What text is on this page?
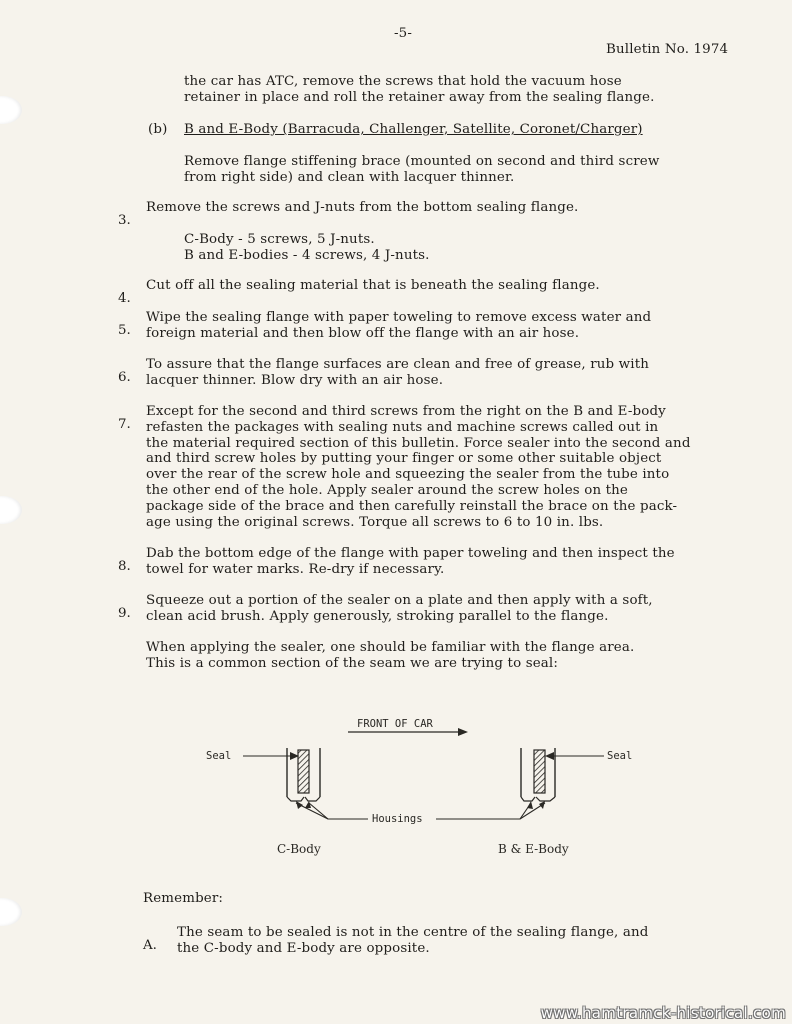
-5-

Bulletin No. 1974

the car has ATC, remove the screws that hold the vacuum hose
retainer in place and roll the retainer away from the sealing flange.

(b) B and E-Body (Barracuda, Challenger, Satellite, Coronet/Charger)

Remove flange stiffening brace (mounted on second and third screw
from right side) and clean with lacquer thinner.

3.

Remove the screws and J-nuts from the bottom sealing flange.

C-Body - 5 screws, 5 J-nuts.
B and E-bodies - 4 screws, 4 J-nuts.

4.

Cut off all the sealing material that is beneath the sealing flange.

5.

Wipe the sealing flange with paper toweling to remove excess water and
foreign material and then blow off the flange with an air hose.

6.

To assure that the flange surfaces are clean and free of grease, rub with
lacquer thinner. Blow dry with an air hose.

7.

Except for the second and third screws from the right on the B and E-body
refasten the packages with sealing nuts and machine screws called out in
the material required section of this bulletin. Force sealer into the second and
and third screw holes by putting your finger or some other suitable object
over the rear of the screw hole and squeezing the sealer from the tube into
the other end of the hole. Apply sealer around the screw holes on the
package side of the brace and then carefully reinstall the brace on the pack-
age using the original screws. Torque all screws to 6 to 10 in. lbs.

8.

Dab the bottom edge of the flange with paper toweling and then inspect the
towel for water marks. Re-dry if necessary.

9.

Squeeze out a portion of the sealer on a plate and then apply with a soft,
clean acid brush. Apply generously, stroking parallel to the flange.

When applying the sealer, one should be familiar with the flange area.
This is a common section of the seam we are trying to seal:

FRONT OF CAR
Seal	Seal
Housings
C-Body	B & E-Body

Remember:

A.

The seam to be sealed is not in the centre of the sealing flange, and
the C-body and E-body are opposite.

www.hamtramck-historical.com
